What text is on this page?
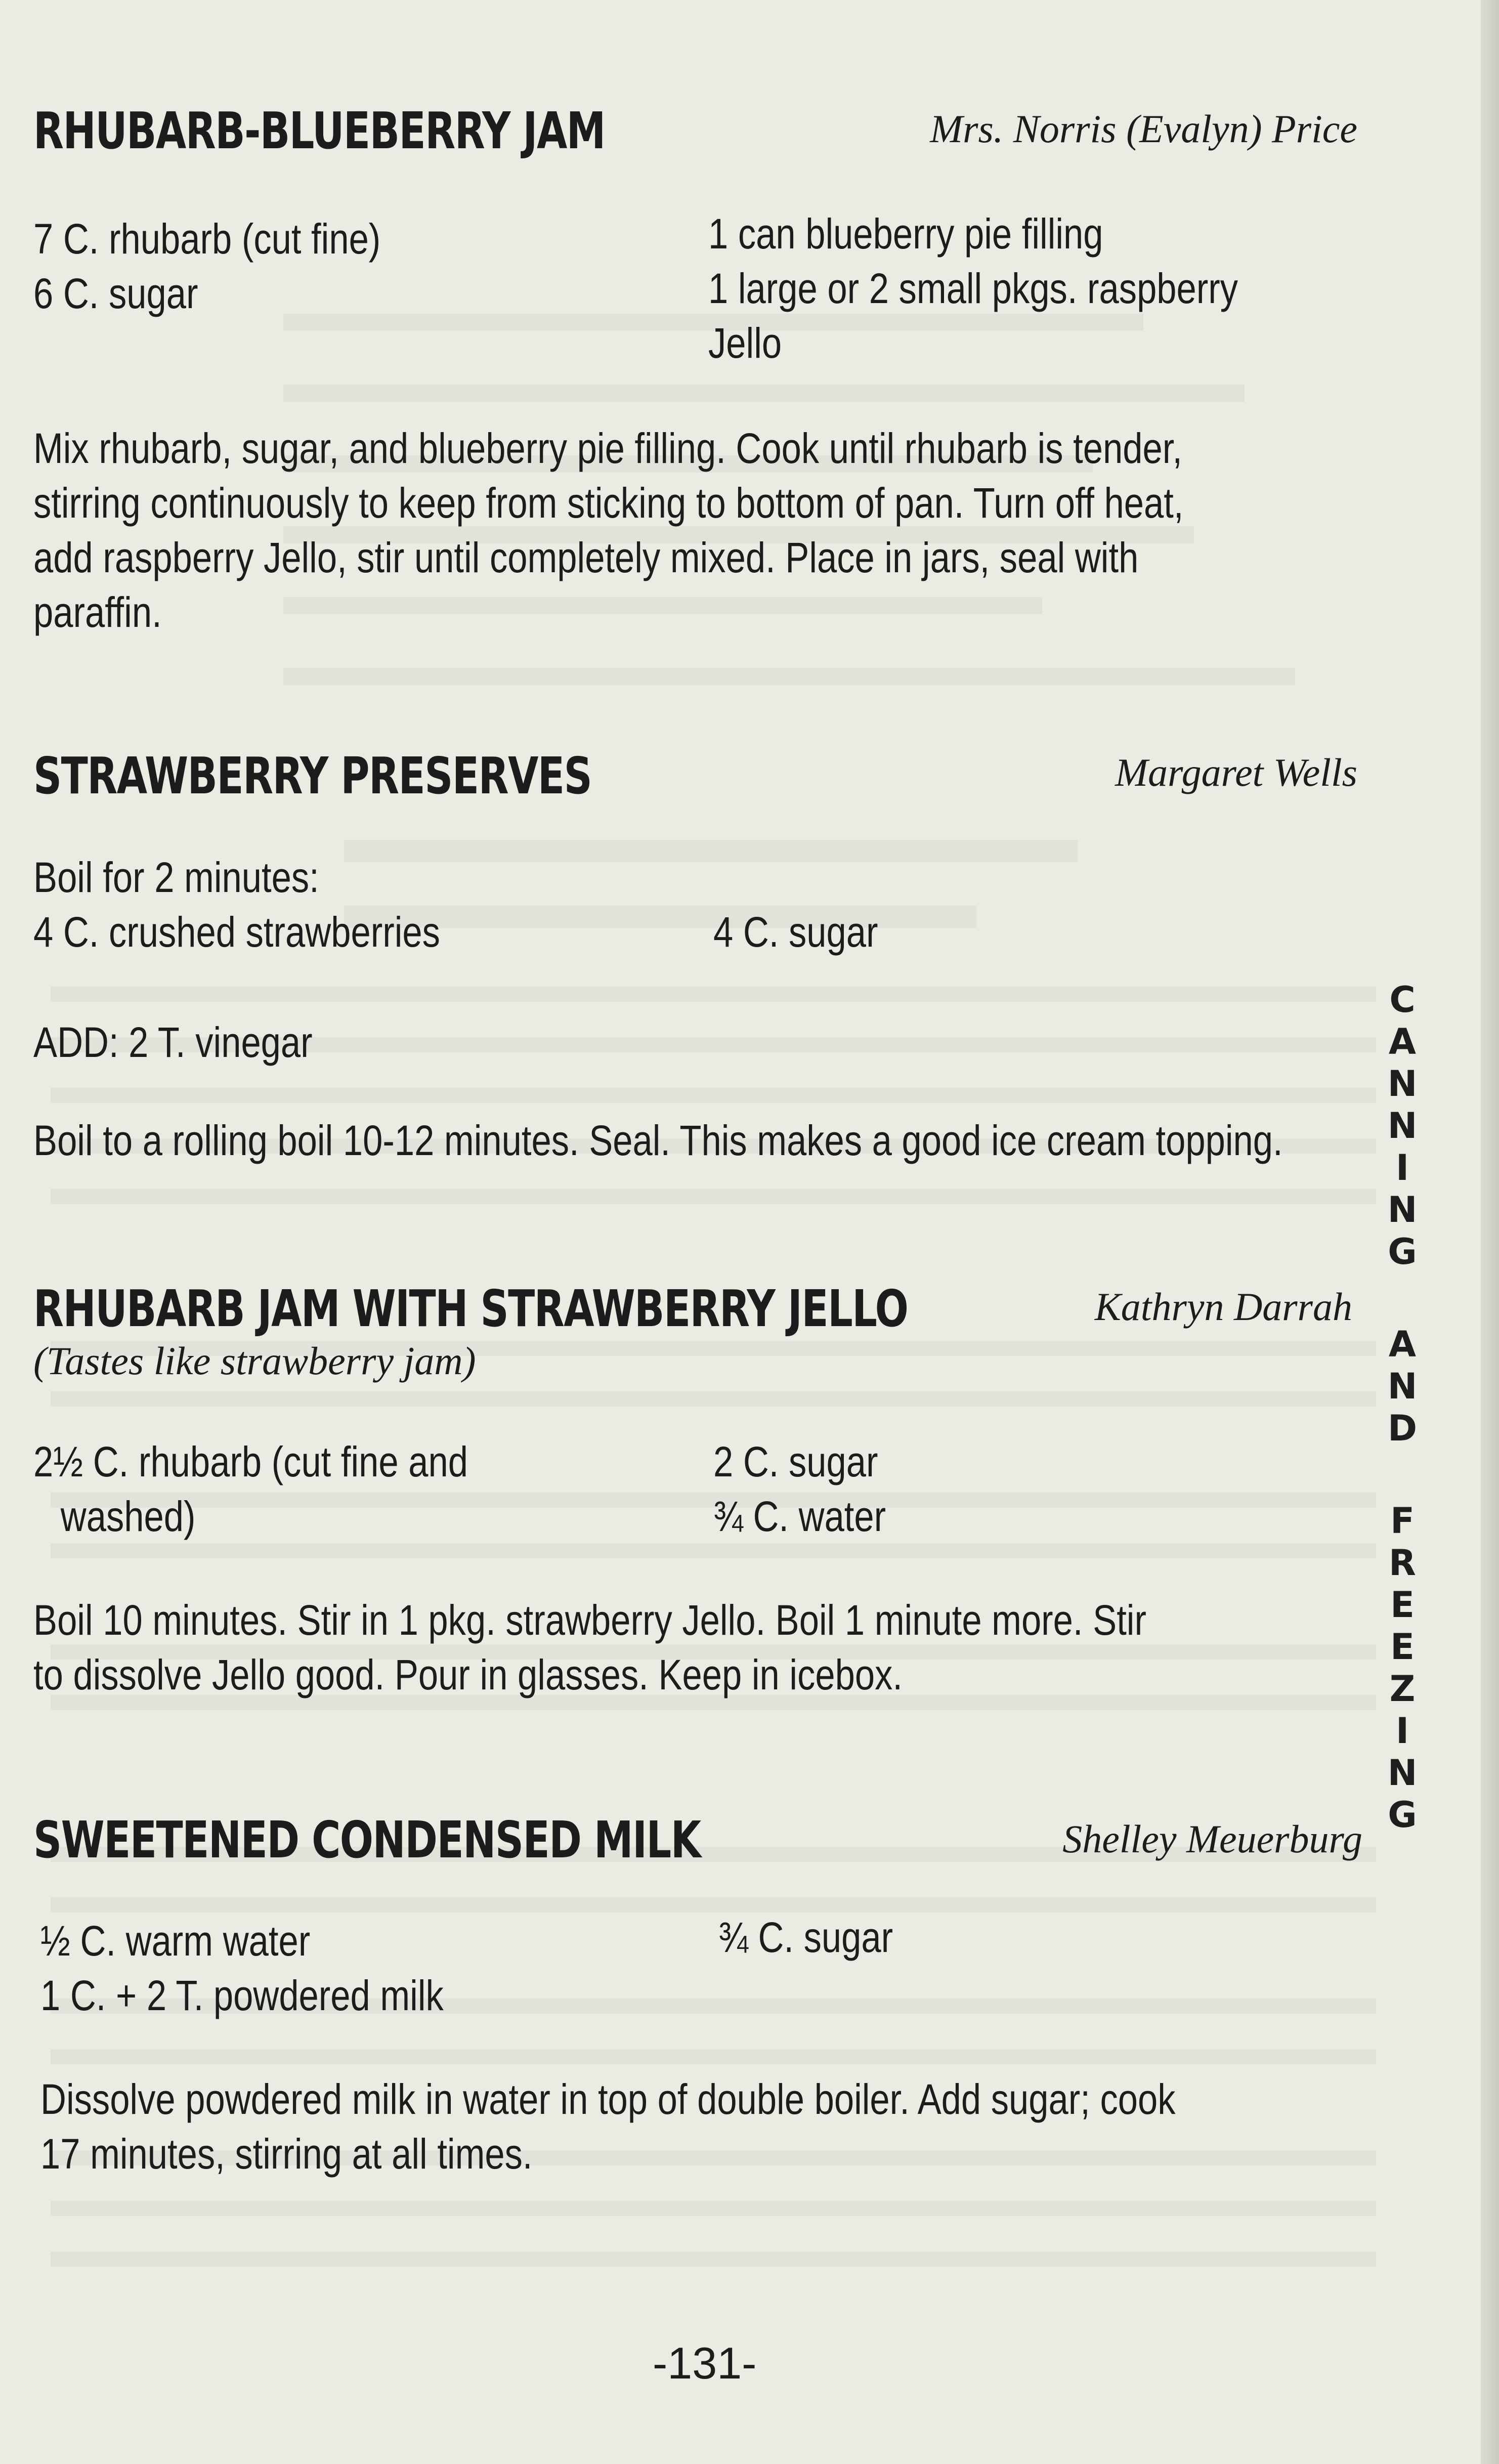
RHUBARB-BLUEBERRY JAM	Mrs. Norris (Evalyn) Price
7 C. rhubarb (cut fine)
6 C. sugar
1 can blueberry pie filling
1 large or 2 small pkgs. raspberry
Jello
Mix rhubarb, sugar, and blueberry pie filling. Cook until rhubarb is tender,
stirring continuously to keep from sticking to bottom of pan. Turn off heat,
add raspberry Jello, stir until completely mixed. Place in jars, seal with
paraffin.
STRAWBERRY PRESERVES	Margaret Wells
Boil for 2 minutes:
4 C. crushed strawberries	4 C. sugar
ADD: 2 T. vinegar
Boil to a rolling boil 10-12 minutes. Seal. This makes a good ice cream topping.
RHUBARB JAM WITH STRAWBERRY JELLO	Kathryn Darrah
(Tastes like strawberry jam)
2½ C. rhubarb (cut fine and
washed)
2 C. sugar
¾ C. water
Boil 10 minutes. Stir in 1 pkg. strawberry Jello. Boil 1 minute more. Stir
to dissolve Jello good. Pour in glasses. Keep in icebox.
SWEETENED CONDENSED MILK	Shelley Meuerburg
½ C. warm water
1 C. + 2 T. powdered milk
¾ C. sugar
Dissolve powdered milk in water in top of double boiler. Add sugar; cook
17 minutes, stirring at all times.
C
A
N
N
I
N
G
A
N
D
F
R
E
E
Z
I
N
G
-131-
